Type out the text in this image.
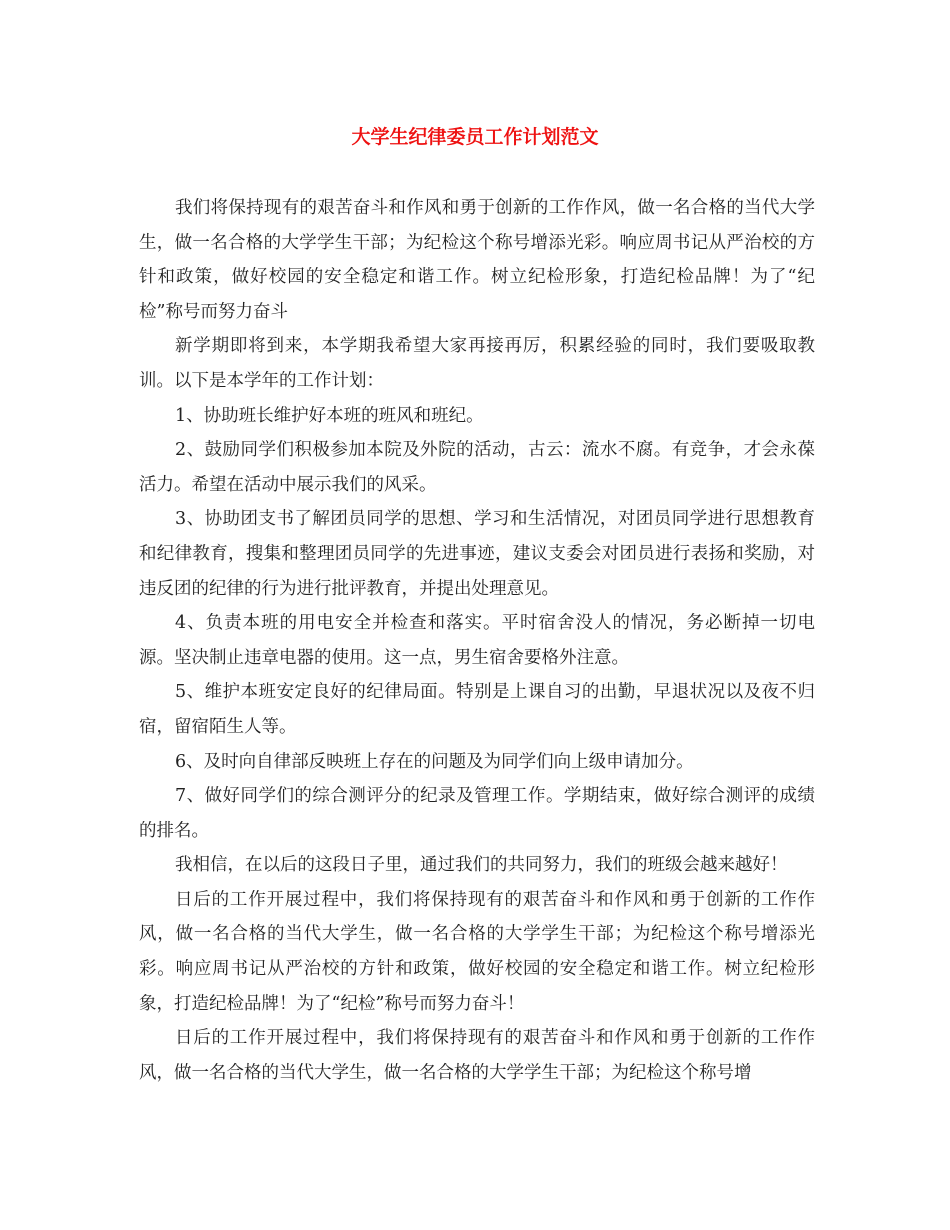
大学生纪律委员工作计划范文

我们将保持现有的艰苦奋斗和作风和勇于创新的工作作风，做一名合格的当代大学生，做一名合格的大学学生干部；为纪检这个称号增添光彩。响应周书记从严治校的方针和政策，做好校园的安全稳定和谐工作。树立纪检形象，打造纪检品牌！为了“纪检”称号而努力奋斗

新学期即将到来，本学期我希望大家再接再厉，积累经验的同时，我们要吸取教训。以下是本学年的工作计划：

1、协助班长维护好本班的班风和班纪。

2、鼓励同学们积极参加本院及外院的活动，古云：流水不腐。有竞争，才会永葆活力。希望在活动中展示我们的风采。

3、协助团支书了解团员同学的思想、学习和生活情况，对团员同学进行思想教育和纪律教育，搜集和整理团员同学的先进事迹，建议支委会对团员进行表扬和奖励，对违反团的纪律的行为进行批评教育，并提出处理意见。

4、负责本班的用电安全并检查和落实。平时宿舍没人的情况，务必断掉一切电源。坚决制止违章电器的使用。这一点，男生宿舍要格外注意。

5、维护本班安定良好的纪律局面。特别是上课自习的出勤，早退状况以及夜不归宿，留宿陌生人等。

6、及时向自律部反映班上存在的问题及为同学们向上级申请加分。

7、做好同学们的综合测评分的纪录及管理工作。学期结束，做好综合测评的成绩的排名。

我相信，在以后的这段日子里，通过我们的共同努力，我们的班级会越来越好！

日后的工作开展过程中，我们将保持现有的艰苦奋斗和作风和勇于创新的工作作风，做一名合格的当代大学生，做一名合格的大学学生干部；为纪检这个称号增添光彩。响应周书记从严治校的方针和政策，做好校园的安全稳定和谐工作。树立纪检形象，打造纪检品牌！为了“纪检”称号而努力奋斗！

日后的工作开展过程中，我们将保持现有的艰苦奋斗和作风和勇于创新的工作作风，做一名合格的当代大学生，做一名合格的大学学生干部；为纪检这个称号增
